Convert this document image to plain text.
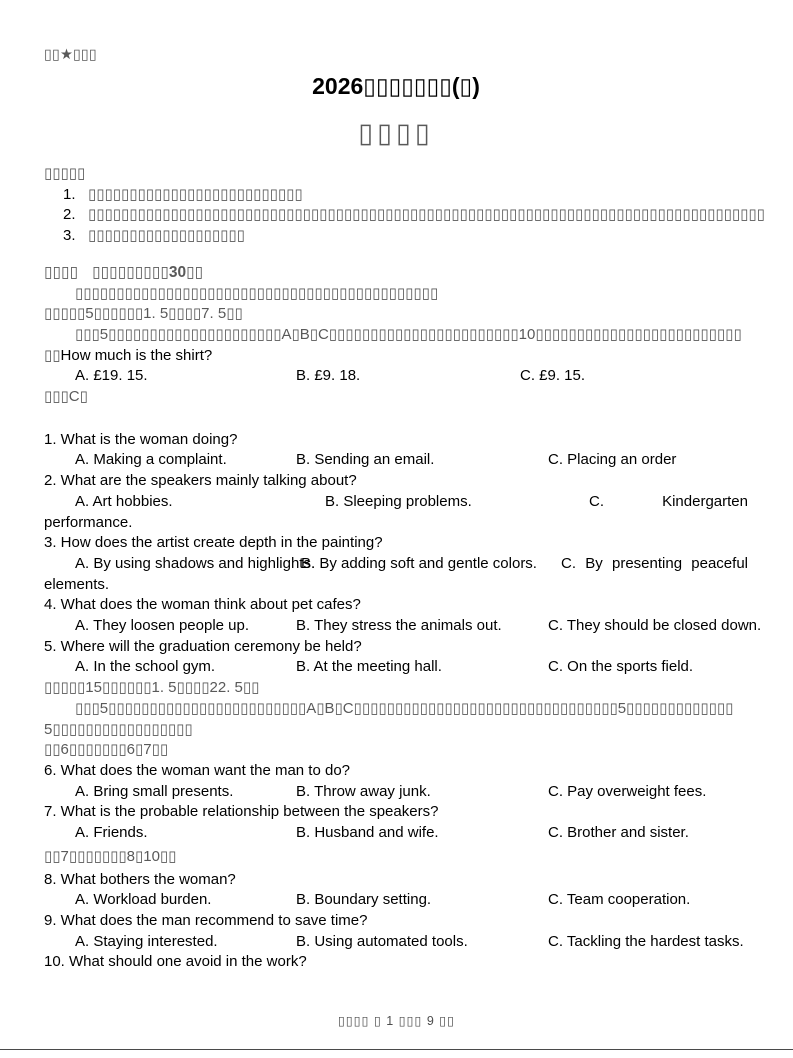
▯▯★▯▯▯
2026▯▯▯▯▯▯▯(▯)
▯▯▯▯
▯▯▯▯▯
1. ▯▯▯▯▯▯▯▯▯▯▯▯▯▯▯▯▯▯▯▯▯▯▯▯▯▯
2. ▯▯▯▯▯▯▯▯▯▯▯▯▯▯▯▯▯▯▯▯▯▯▯▯▯▯▯▯▯▯▯▯▯▯▯▯▯▯▯▯▯▯▯▯▯▯▯▯▯▯▯▯▯▯▯▯▯▯▯▯▯▯▯▯▯▯▯▯▯▯▯▯▯▯▯▯▯▯▯▯▯▯
3. ▯▯▯▯▯▯▯▯▯▯▯▯▯▯▯▯▯▯▯
▯▯▯▯ ▯▯▯▯▯▯▯▯▯30▯▯
▯▯▯▯▯▯▯▯▯▯▯▯▯▯▯▯▯▯▯▯▯▯▯▯▯▯▯▯▯▯▯▯▯▯▯▯▯▯▯▯▯▯▯▯
▯▯▯▯▯5▯▯▯▯▯▯1. 5▯▯▯▯7. 5▯▯
▯▯▯5▯▯▯▯▯▯▯▯▯▯▯▯▯▯▯▯▯▯▯▯▯A▯B▯C▯▯▯▯▯▯▯▯▯▯▯▯▯▯▯▯▯▯▯▯▯▯▯10▯▯▯▯▯▯▯▯▯▯▯▯▯▯▯▯▯▯▯▯▯▯▯▯▯
▯▯How much is the shirt?
A. £19. 15.	B. £9. 18.	C. £9. 15.
▯▯▯C▯
1. What is the woman doing?
A. Making a complaint.	B. Sending an email.	C. Placing an order
2. What are the speakers mainly talking about?
A. Art hobbies.	B. Sleeping problems.	C.	Kindergarten
performance.
3. How does the artist create depth in the painting?
A. By using shadows and highlights.
B. By adding soft and gentle colors.	C. By presenting peaceful
elements.
4. What does the woman think about pet cafes?
A. They loosen people up.	B. They stress the animals out.	C. They should be closed down.
5. Where will the graduation ceremony be held?
A. In the school gym.	B. At the meeting hall.	C. On the sports field.
▯▯▯▯▯15▯▯▯▯▯▯1. 5▯▯▯▯22. 5▯▯
▯▯▯5▯▯▯▯▯▯▯▯▯▯▯▯▯▯▯▯▯▯▯▯▯▯▯▯A▯B▯C▯▯▯▯▯▯▯▯▯▯▯▯▯▯▯▯▯▯▯▯▯▯▯▯▯▯▯▯▯▯▯▯5▯▯▯▯▯▯▯▯▯▯▯▯▯
5▯▯▯▯▯▯▯▯▯▯▯▯▯▯▯▯▯
▯▯6▯▯▯▯▯▯▯6▯7▯▯
6. What does the woman want the man to do?
A. Bring small presents.	B. Throw away junk.	C. Pay overweight fees.
7. What is the probable relationship between the speakers?
A. Friends.	B. Husband and wife.	C. Brother and sister.
▯▯7▯▯▯▯▯▯▯8▯10▯▯
8. What bothers the woman?
A. Workload burden.	B. Boundary setting.	C. Team cooperation.
9. What does the man recommend to save time?
A. Staying interested.	B. Using automated tools.	C. Tackling the hardest tasks.
10. What should one avoid in the work?
▯▯▯▯ ▯ 1 ▯▯▯ 9 ▯▯
